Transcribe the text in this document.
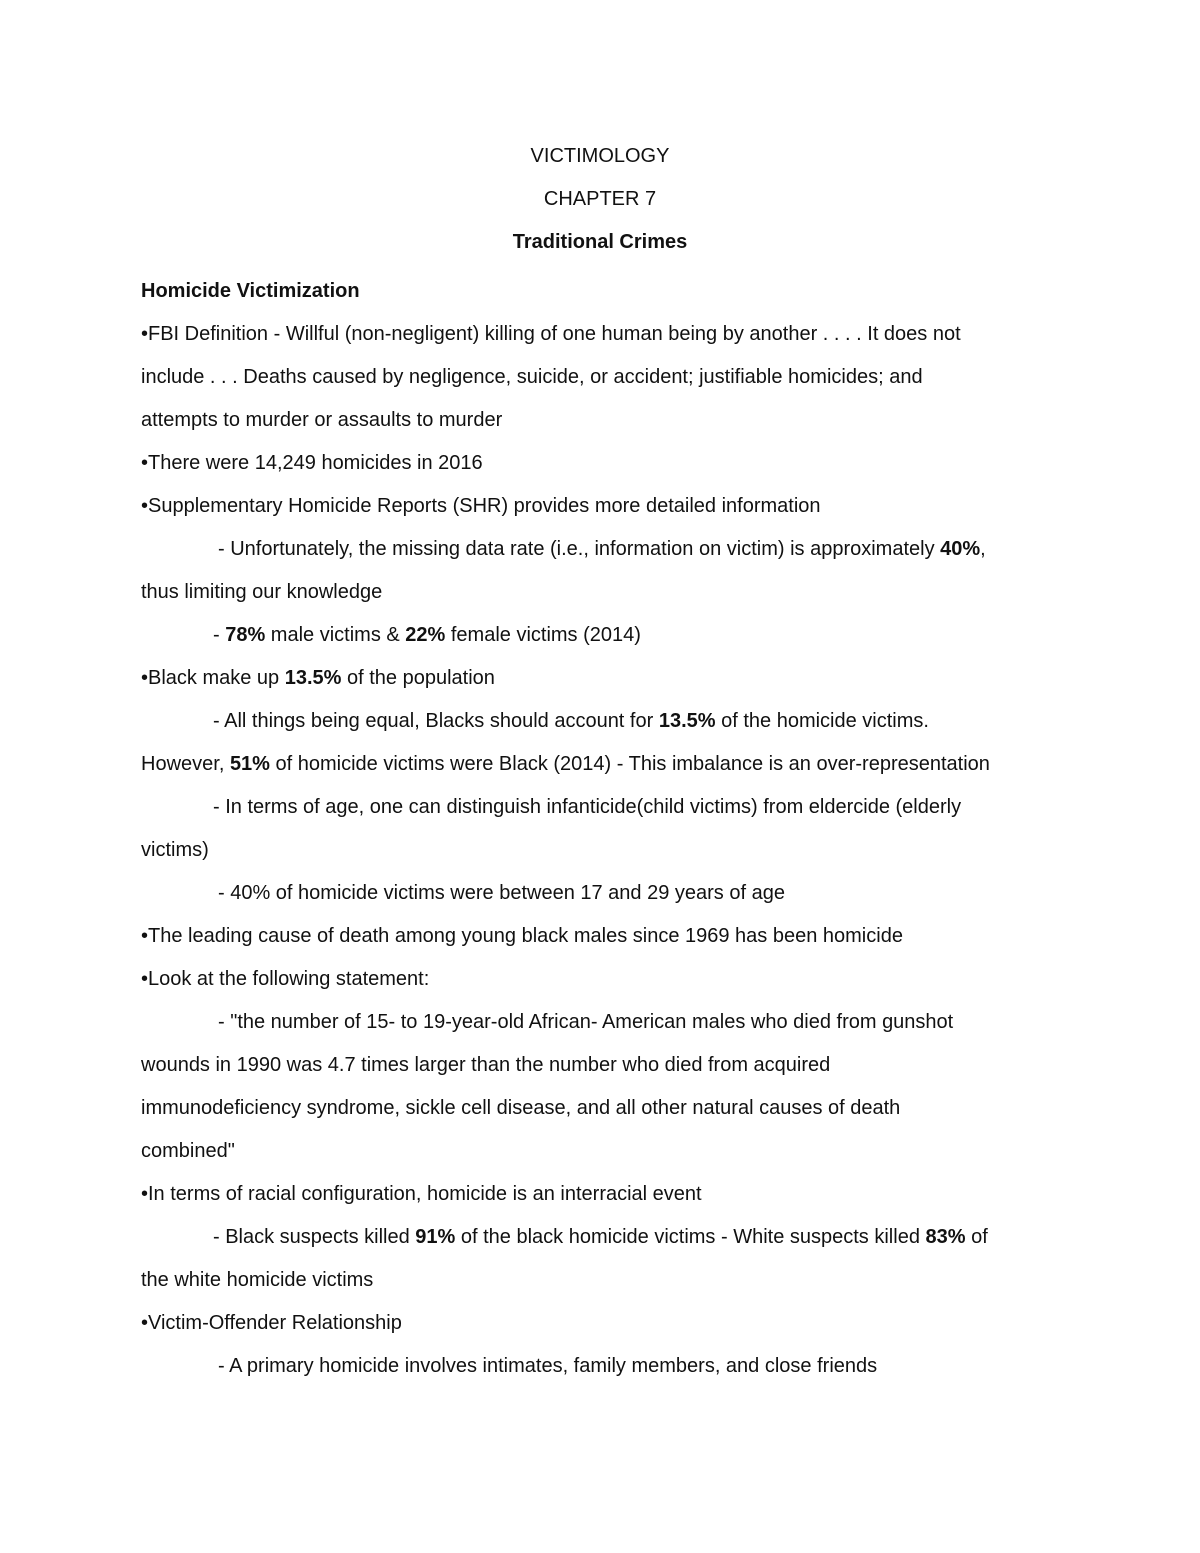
VICTIMOLOGY
CHAPTER 7
Traditional Crimes
Homicide Victimization
•FBI Definition - Willful (non-negligent) killing of one human being by another . . . . It does not
include . . . Deaths caused by negligence, suicide, or accident; justifiable homicides; and
attempts to murder or assaults to murder
•There were 14,249 homicides in 2016
•Supplementary Homicide Reports (SHR) provides more detailed information
- Unfortunately, the missing data rate (i.e., information on victim) is approximately 40%,
thus limiting our knowledge
- 78% male victims & 22% female victims (2014)
•Black make up 13.5% of the population
- All things being equal, Blacks should account for 13.5% of the homicide victims.
However, 51% of homicide victims were Black (2014) - This imbalance is an over-representation
- In terms of age, one can distinguish infanticide(child victims) from eldercide (elderly
victims)
- 40% of homicide victims were between 17 and 29 years of age
•The leading cause of death among young black males since 1969 has been homicide
•Look at the following statement:
- "the number of 15- to 19-year-old African- American males who died from gunshot
wounds in 1990 was 4.7 times larger than the number who died from acquired
immunodeficiency syndrome, sickle cell disease, and all other natural causes of death
combined"
•In terms of racial configuration, homicide is an interracial event
- Black suspects killed 91% of the black homicide victims - White suspects killed 83% of
the white homicide victims
•Victim-Offender Relationship
- A primary homicide involves intimates, family members, and close friends
